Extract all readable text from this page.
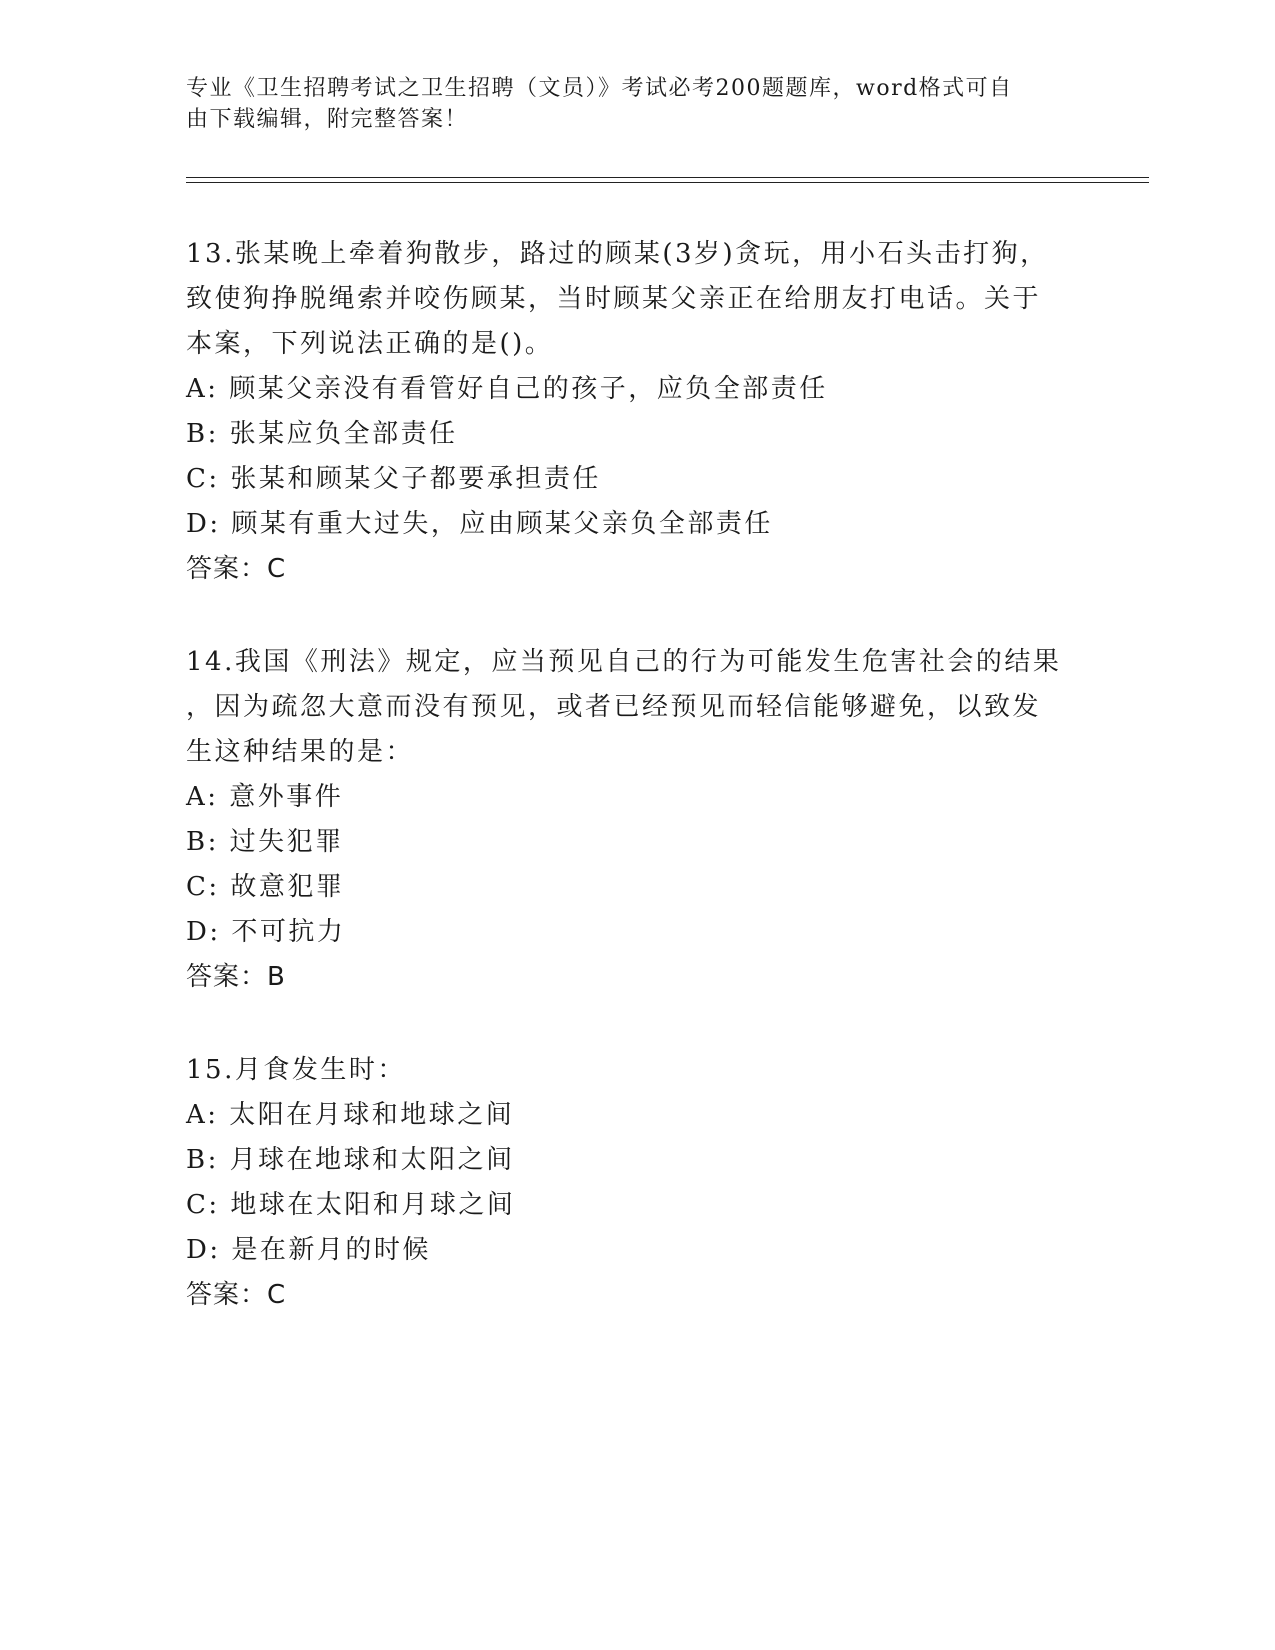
专业《卫生招聘考试之卫生招聘（文员）》考试必考200题题库，word格式可自
由下载编辑，附完整答案！

13.张某晚上牵着狗散步，路过的顾某(3岁)贪玩，用小石头击打狗，
致使狗挣脱绳索并咬伤顾某，当时顾某父亲正在给朋友打电话。关于
本案，下列说法正确的是()。

A: 顾某父亲没有看管好自己的孩子，应负全部责任

B: 张某应负全部责任

C: 张某和顾某父子都要承担责任

D: 顾某有重大过失，应由顾某父亲负全部责任

答案：C

14.我国《刑法》规定，应当预见自己的行为可能发生危害社会的结果
，因为疏忽大意而没有预见，或者已经预见而轻信能够避免，以致发
生这种结果的是：

A: 意外事件

B: 过失犯罪

C: 故意犯罪

D: 不可抗力

答案：B

15.月食发生时：

A: 太阳在月球和地球之间

B: 月球在地球和太阳之间

C: 地球在太阳和月球之间

D: 是在新月的时候

答案：C
